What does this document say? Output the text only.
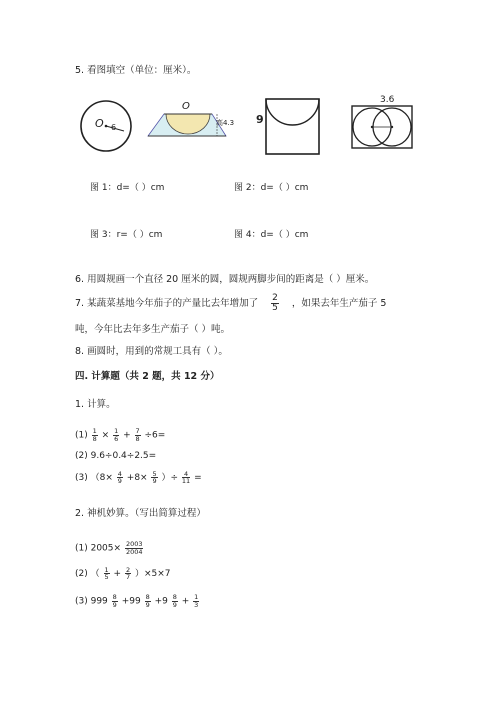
5. 看图填空（单位：厘米）。
O 6
O
高4.3 9
3.6
图 1：d=（ ）cm	图 2：d=（ ）cm
图 3：r=（ ）cm	图 4：d=（ ）cm
6. 用圆规画一个直径 20 厘米的圆，圆规两脚步间的距离是（ ）厘米。
7. 某蔬菜基地今年茄子的产量比去年增加了 $\frac{2}{5}$ ，如果去年生产茄子 5
吨，今年比去年多生产茄子（ ）吨。
8. 画圆时，用到的常规工具有（ ）。
四. 计算题（共 2 题，共 12 分）
1. 计算。
$(1) \frac{1}{8} \times \frac{1}{6} + \frac{7}{8} \div 6=$
(2) 9.6÷0.4÷2.5=
(3) （$8\times \frac{4}{9} +8\times \frac{5}{9}$ ）÷ $\frac{4}{11}$ =
2. 神机妙算。（写出简算过程）
(1) $2005\times \frac{2003}{2004}$
(2) （ $\frac{1}{5} + \frac{2}{7} )\times 5\times 7$
(3) $999 \frac{8}{9} +99 \frac{8}{9} +9 \frac{8}{9} + \frac{1}{3}$
